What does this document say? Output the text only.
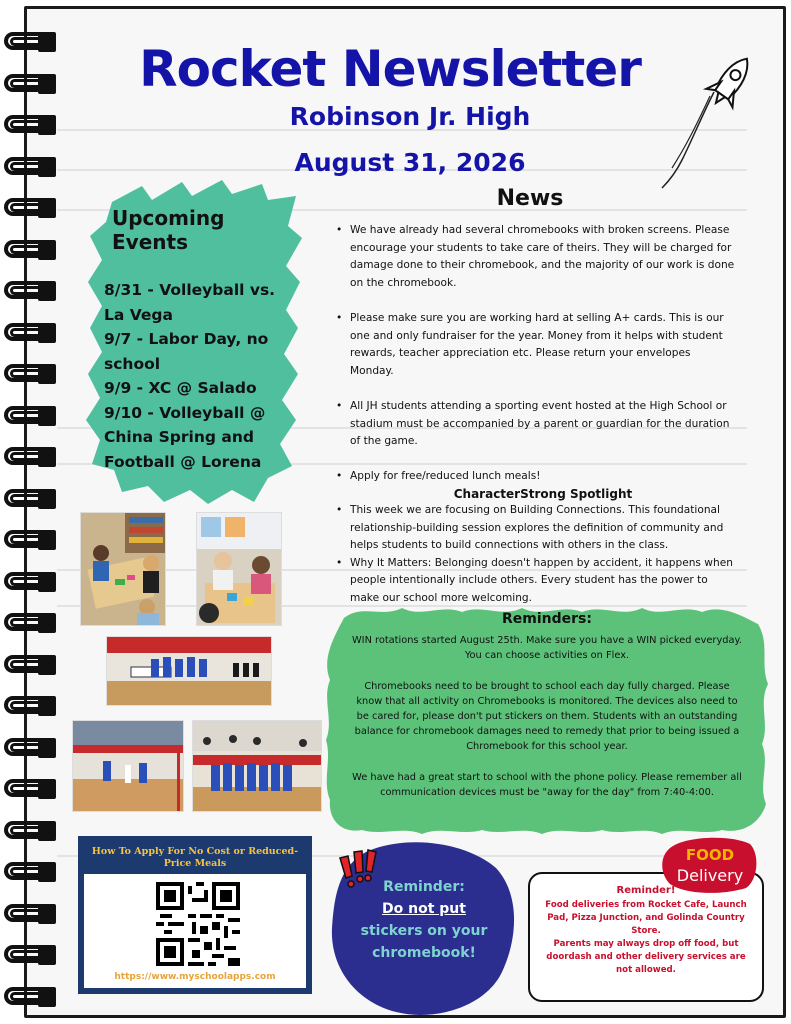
Rocket Newsletter
Robinson Jr. High
August 31, 2026
Upcoming Events

8/31 - Volleyball vs. La Vega

9/7 - Labor Day, no school

9/9 - XC @ Salado

9/10 - Volleyball @ China Spring and Football @ Lorena

News
• We have already had several chromebooks with broken screens. Please encourage your students to take care of theirs. They will be charged for damage done to their chromebook, and the majority of our work is done on the chromebook.
• Please make sure you are working hard at selling A+ cards. This is our one and only fundraiser for the year. Money from it helps with student rewards, teacher appreciation etc. Please return your envelopes Monday.
• All JH students attending a sporting event hosted at the High School or stadium must be accompanied by a parent or guardian for the duration of the game.
• Apply for free/reduced lunch meals!
CharacterStrong Spotlight
• This week we are focusing on Building Connections. This foundational relationship-building session explores the definition of community and helps students to build connections with others in the class.
• Why It Matters: Belonging doesn't happen by accident, it happens when people intentionally include others. Every student has the power to make our school more welcoming.
Reminders:

WIN rotations started August 25th. Make sure you have a WIN picked everyday. You can choose activities on Flex.

Chromebooks need to be brought to school each day fully charged. Please know that all activity on Chromebooks is monitored. The devices also need to be cared for, please don't put stickers on them. Students with an outstanding balance for chromebook damages need to remedy that prior to being issued a Chromebook for this school year.

We have had a great start to school with the phone policy. Please remember all communication devices must be "away for the day" from 7:40-4:00.

How To Apply For No Cost or Reduced-Price Meals
https://www.myschoolapps.com
Reminder:
Do not put
stickers on your chromebook!
Reminder!
Food deliveries from Rocket Cafe, Launch Pad, Pizza Junction, and Golinda Country Store.
Parents may always drop off food, but doordash and other delivery services are not allowed.
FOOD
Delivery
